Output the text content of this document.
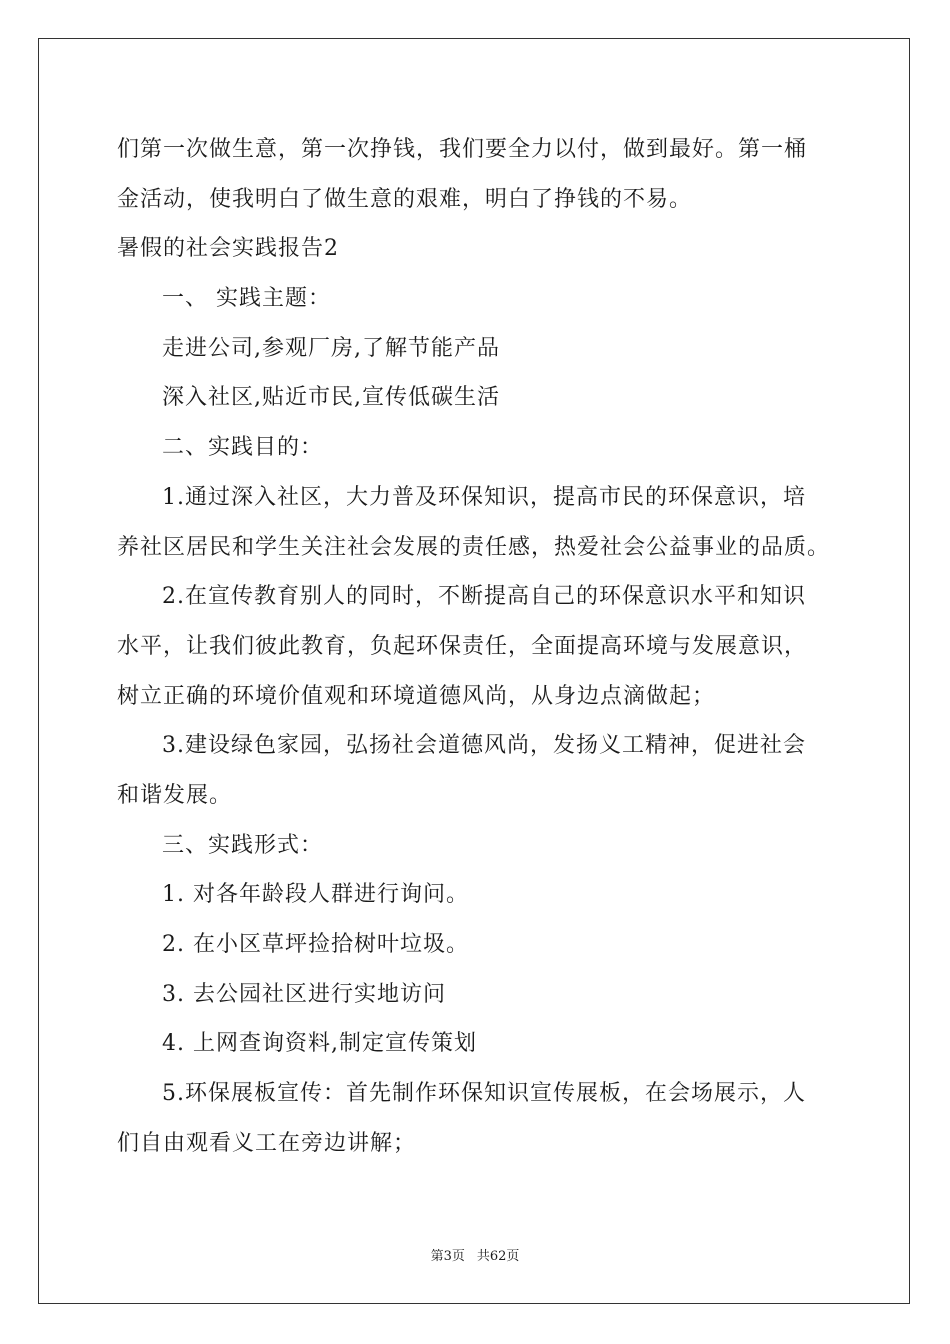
们第一次做生意，第一次挣钱，我们要全力以付，做到最好。第一桶
金活动，使我明白了做生意的艰难，明白了挣钱的不易。
暑假的社会实践报告2
一、 实践主题：
走进公司,参观厂房,了解节能产品
深入社区,贴近市民,宣传低碳生活
二、实践目的：
1.通过深入社区，大力普及环保知识，提高市民的环保意识，培
养社区居民和学生关注社会发展的责任感，热爱社会公益事业的品质。
2.在宣传教育别人的同时，不断提高自己的环保意识水平和知识
水平，让我们彼此教育，负起环保责任，全面提高环境与发展意识，
树立正确的环境价值观和环境道德风尚，从身边点滴做起；
3.建设绿色家园，弘扬社会道德风尚，发扬义工精神，促进社会
和谐发展。
三、实践形式：
1. 对各年龄段人群进行询问。
2. 在小区草坪捡拾树叶垃圾。
3. 去公园社区进行实地访问
4. 上网查询资料,制定宣传策划
5.环保展板宣传：首先制作环保知识宣传展板，在会场展示，人
们自由观看义工在旁边讲解；
第3页 共62页
